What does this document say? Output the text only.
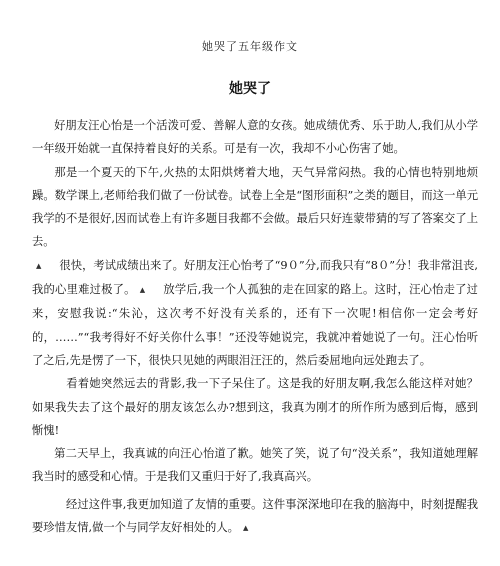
她哭了五年级作文
她哭了

好朋友汪心怡是一个活泼可爱、善解人意的女孩。她成绩优秀、乐于助人,我们从小学一年级开始就一直保持着良好的关系。可是有一次，我却不小心伤害了她。

那是一个夏天的下午,火热的太阳烘烤着大地，天气异常闷热。我的心情也特别地烦躁。数学课上,老师给我们做了一份试卷。试卷上全是“图形面积”之类的题目，而这一单元我学的不是很好,因而试卷上有许多题目我都不会做。最后只好连蒙带猜的写了答案交了上去。

▲ 很快，考试成绩出来了。好朋友汪心怡考了“9０”分,而我只有“8０”分！我非常沮丧,我的心里难过极了。 ▲ 放学后,我一个人孤独的走在回家的路上。这时，汪心怡走了过来，安慰我说:“朱沁，这次考不好没有关系的，还有下一次呢!相信你一定会考好的，……”“我考得好不好关你什么事！”还没等她说完，我就冲着她说了一句。汪心怡听了之后,先是愣了一下，很快只见她的两眼泪汪汪的，然后委屈地向远处跑去了。

看着她突然远去的背影,我一下子呆住了。这是我的好朋友啊,我怎么能这样对她？如果我失去了这个最好的朋友该怎么办?想到这，我真为刚才的所作所为感到后悔，感到惭愧!

第二天早上，我真诚的向汪心怡道了歉。她笑了笑，说了句“没关系”，我知道她理解我当时的感受和心情。于是我们又重归于好了,我真高兴。

经过这件事,我更加知道了友情的重要。这件事深深地印在我的脑海中，时刻提醒我要珍惜友情,做一个与同学友好相处的人。 ▲
